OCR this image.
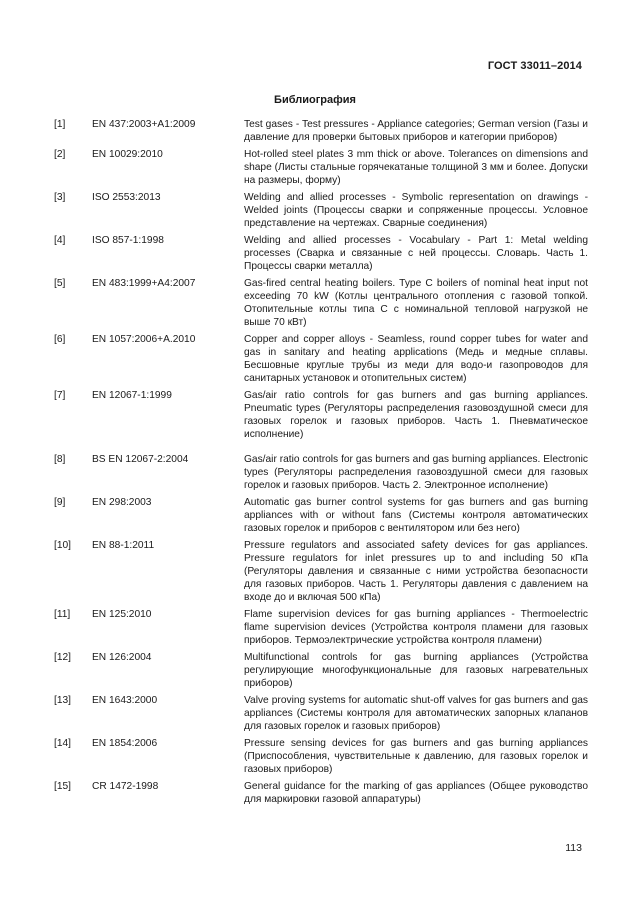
ГОСТ 33011–2014
Библиография
[1]	EN 437:2003+A1:2009	Test gases - Test pressures - Appliance categories; German version (Газы и давление для проверки бытовых приборов и категории приборов)
[2]	EN 10029:2010	Hot-rolled steel plates 3 mm thick or above. Tolerances on dimensions and shape (Листы стальные горячекатаные толщиной 3 мм и более. Допуски на размеры, форму)
[3]	ISO 2553:2013	Welding and allied processes - Symbolic representation on drawings - Welded joints (Процессы сварки и сопряженные процессы. Условное представление на чертежах. Сварные соединения)
[4]	ISO 857-1:1998	Welding and allied processes - Vocabulary - Part 1: Metal welding processes (Сварка и связанные с ней процессы. Словарь. Часть 1. Процессы сварки металла)
[5]	EN 483:1999+A4:2007	Gas-fired central heating boilers. Type C boilers of nominal heat input not exceeding 70 kW (Котлы центрального отопления с газовой топкой. Отопительные котлы типа С с номинальной тепловой нагрузкой не выше 70 кВт)
[6]	EN 1057:2006+A.2010	Copper and copper alloys - Seamless, round copper tubes for water and gas in sanitary and heating applications (Медь и медные сплавы. Бесшовные круглые трубы из меди для водо-и газопроводов для санитарных установок и отопительных систем)
[7]	EN 12067-1:1999	Gas/air ratio controls for gas burners and gas burning appliances. Pneumatic types (Регуляторы распределения газовоздушной смеси для газовых горелок и газовых приборов. Часть 1. Пневматическое исполнение)
[8]	BS EN 12067-2:2004	Gas/air ratio controls for gas burners and gas burning appliances. Electronic types (Регуляторы распределения газовоздушной смеси для газовых горелок и газовых приборов. Часть 2. Электронное исполнение)
[9]	EN 298:2003	Automatic gas burner control systems for gas burners and gas burning appliances with or without fans (Системы контроля автоматических газовых горелок и приборов с вентилятором или без него)
[10]	EN 88-1:2011	Pressure regulators and associated safety devices for gas appliances. Pressure regulators for inlet pressures up to and including 50 кПа (Регуляторы давления и связанные с ними устройства безопасности для газовых приборов. Часть 1. Регуляторы давления с давлением на входе до и включая 500 кПа)
[11]	EN 125:2010	Flame supervision devices for gas burning appliances - Thermoelectric flame supervision devices (Устройства контроля пламени для газовых приборов. Термоэлектрические устройства контроля пламени)
[12]	EN 126:2004	Multifunctional controls for gas burning appliances (Устройства регулирующие многофункциональные для газовых нагревательных приборов)
[13]	EN 1643:2000	Valve proving systems for automatic shut-off valves for gas burners and gas appliances (Системы контроля для автоматических запорных клапанов для газовых горелок и газовых приборов)
[14]	EN 1854:2006	Pressure sensing devices for gas burners and gas burning appliances (Приспособления, чувствительные к давлению, для газовых горелок и газовых приборов)
[15]	CR 1472-1998	General guidance for the marking of gas appliances (Общее руководство для маркировки газовой аппаратуры)
113
